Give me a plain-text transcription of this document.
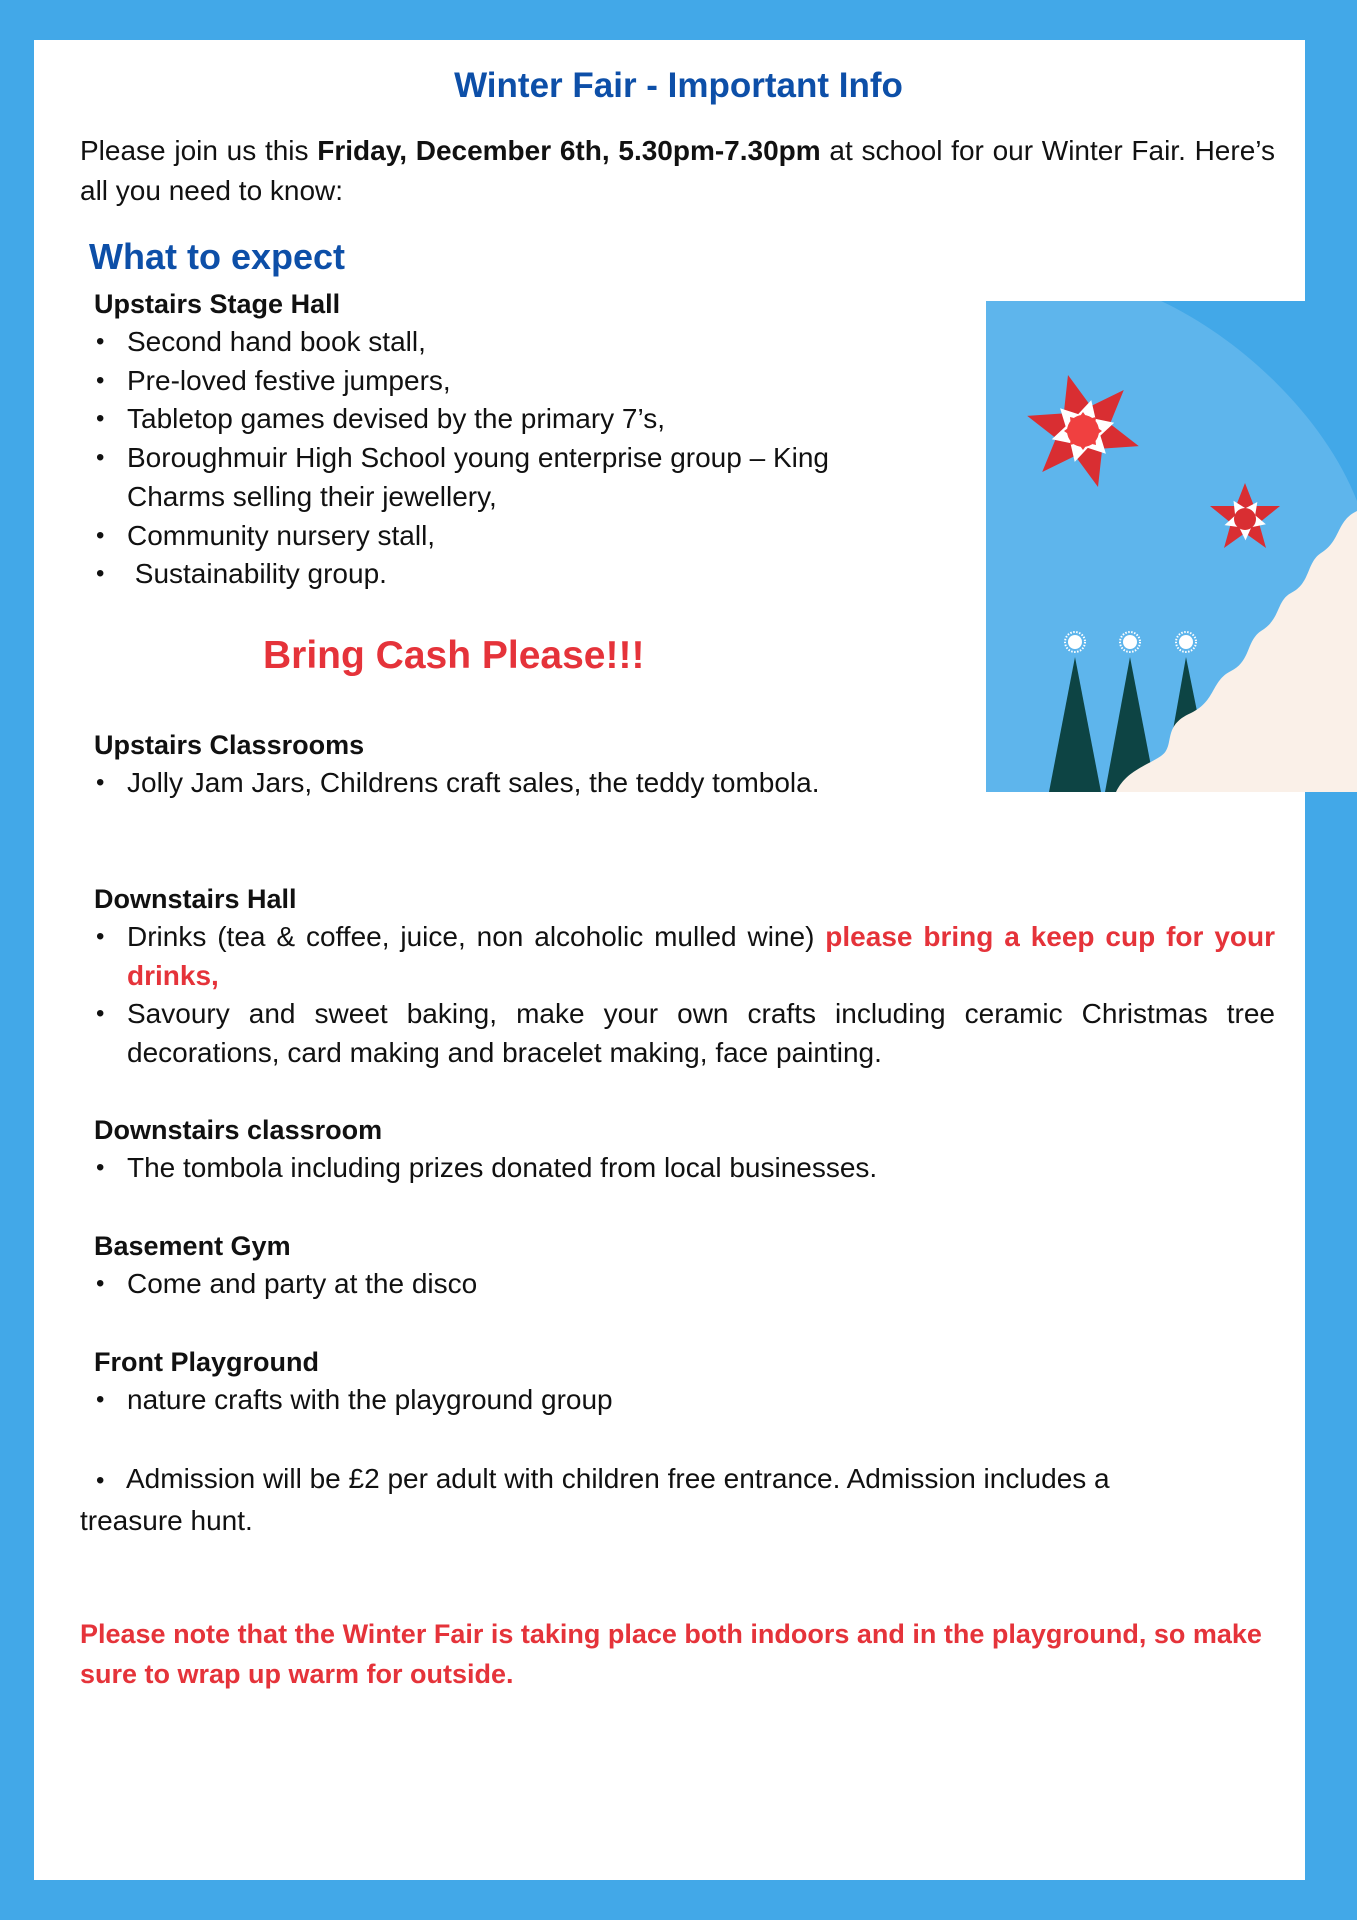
Winter Fair - Important Info

Please join us this Friday, December 6th, 5.30pm-7.30pm at school for our Winter Fair. Here’s all you need to know:

What to expect
Upstairs Stage Hall
• Second hand book stall,
• Pre-loved festive jumpers,
• Tabletop games devised by the primary 7’s,
• Boroughmuir High School young enterprise group – King Charms selling their jewellery,
• Community nursery stall,
•  Sustainability group.
Bring Cash Please!!!
Upstairs Classrooms
• Jolly Jam Jars, Childrens craft sales, the teddy tombola.
Downstairs Hall
• Drinks (tea & coffee, juice, non alcoholic mulled wine) please bring a keep cup for your drinks,
• Savoury and sweet baking, make your own crafts including ceramic Christmas tree decorations, card making and bracelet making, face painting.
Downstairs classroom
• The tombola including prizes donated from local businesses.
Basement Gym
• Come and party at the disco
Front Playground
• nature crafts with the playground group

• Admission will be £2 per adult with children free entrance. Admission includes a treasure hunt.

Please note that the Winter Fair is taking place both indoors and in the playground, so make sure to wrap up warm for outside.
